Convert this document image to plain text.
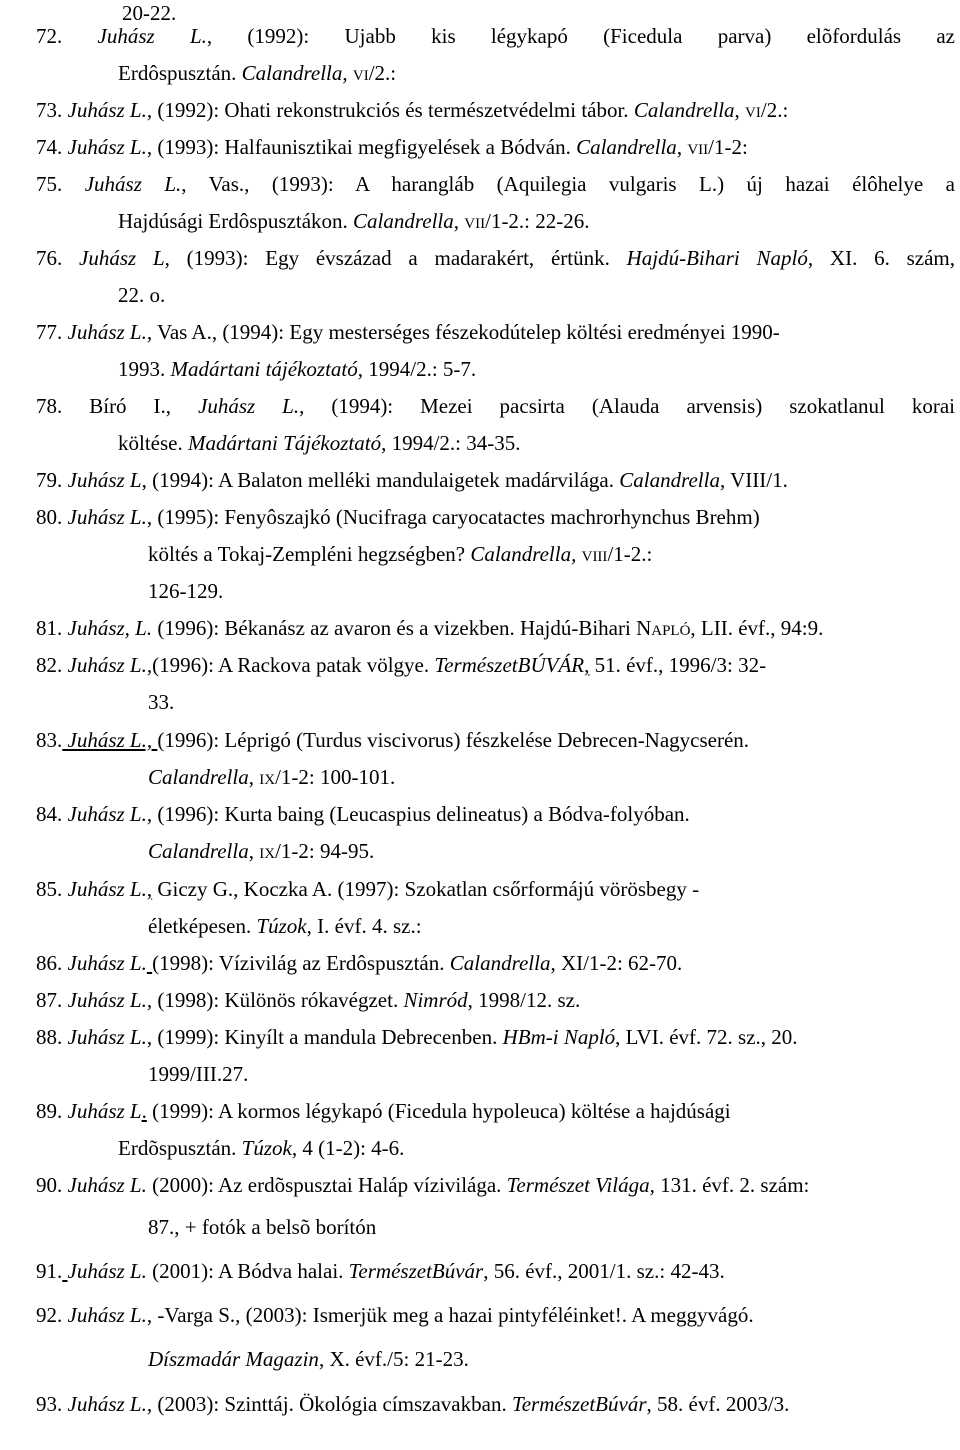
20-22.
72. Juhász L., (1992): Ujabb kis légykapó (Ficedula parva) elõfordulás az
Erdôspusztán. Calandrella, VI/2.:
73. Juhász L., (1992): Ohati rekonstrukciós és természetvédelmi tábor. Calandrella, VI/2.:
74. Juhász L., (1993): Halfaunisztikai megfigyelések a Bódván. Calandrella, VII/1-2:
75. Juhász L., Vas., (1993): A harangláb (Aquilegia vulgaris L.) új hazai élôhelye a
Hajdúsági Erdôspusztákon. Calandrella, VII/1-2.: 22-26.
76. Juhász L, (1993): Egy évszázad a madarakért, értünk. Hajdú-Bihari Napló, XI. 6. szám,
22. o.
77. Juhász L., Vas A., (1994): Egy mesterséges fészekodútelep költési eredményei 1990-
1993. Madártani tájékoztató, 1994/2.: 5-7.
78. Bíró I., Juhász L., (1994): Mezei pacsirta (Alauda arvensis) szokatlanul korai
költése. Madártani Tájékoztató, 1994/2.: 34-35.
79. Juhász L, (1994): A Balaton melléki mandulaigetek madárvilága. Calandrella, VIII/1.
80. Juhász L., (1995): Fenyôszajkó (Nucifraga caryocatactes machrorhynchus Brehm)
költés a Tokaj-Zempléni hegzségben? Calandrella, VIII/1-2.:
126-129.
81. Juhász, L. (1996): Békanász az avaron és a vizekben. Hajdú-Bihari NAPLÓ, LII. évf., 94:9.
82. Juhász L.,(1996): A Rackova patak völgye. TermészetBÚVÁR, 51. évf., 1996/3: 32-
33.
83. Juhász L., (1996): Léprigó (Turdus viscivorus) fészkelése Debrecen-Nagycserén.
Calandrella, IX/1-2: 100-101.
84. Juhász L., (1996): Kurta baing (Leucaspius delineatus) a Bódva-folyóban.
Calandrella, IX/1-2: 94-95.
85. Juhász L., Giczy G., Koczka A. (1997): Szokatlan csőrformájú vörösbegy -
életképesen. Túzok, I. évf. 4. sz.:
86. Juhász L. (1998): Vízivilág az Erdôspusztán. Calandrella, XI/1-2: 62-70.
87. Juhász L., (1998): Különös rókavégzet. Nimród, 1998/12. sz.
88. Juhász L., (1999): Kinyílt a mandula Debrecenben. HBm-i Napló, LVI. évf. 72. sz., 20.
1999/III.27.
89. Juhász L. (1999): A kormos légykapó (Ficedula hypoleuca) költése a hajdúsági
Erdõspusztán. Túzok, 4 (1-2): 4-6.
90. Juhász L. (2000): Az erdõspusztai Haláp vízivilága. Természet Világa, 131. évf. 2. szám:
87., + fotók a belsõ borítón
91. Juhász L. (2001): A Bódva halai. TermészetBúvár, 56. évf., 2001/1. sz.: 42-43.
92. Juhász L., -Varga S., (2003): Ismerjük meg a hazai pintyféléinket!. A meggyvágó.
Díszmadár Magazin, X. évf./5: 21-23.
93. Juhász L., (2003): Szinttáj. Ökológia címszavakban. TermészetBúvár, 58. évf. 2003/3.
